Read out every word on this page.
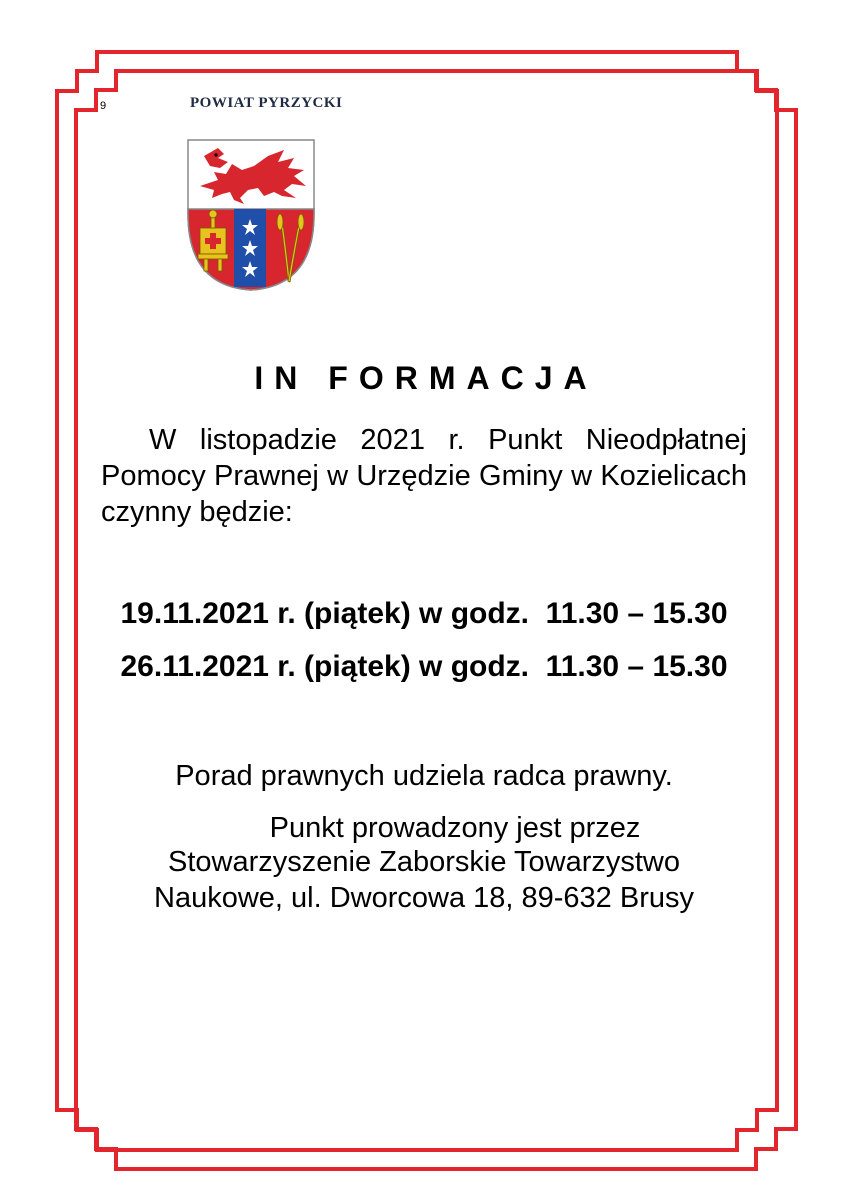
9	POWIAT PYRZYCKI
IN FORMACJA
W listopadzie 2021 r. Punkt Nieodpłatnej Pomocy Prawnej w Urzędzie Gminy w Kozielicach czynny będzie:
19.11.2021 r. (piątek) w godz.  11.30 – 15.30
26.11.2021 r. (piątek) w godz.  11.30 – 15.30
Porad prawnych udziela radca prawny.
Punkt prowadzony jest przez
Stowarzyszenie Zaborskie Towarzystwo
Naukowe, ul. Dworcowa 18, 89-632 Brusy
